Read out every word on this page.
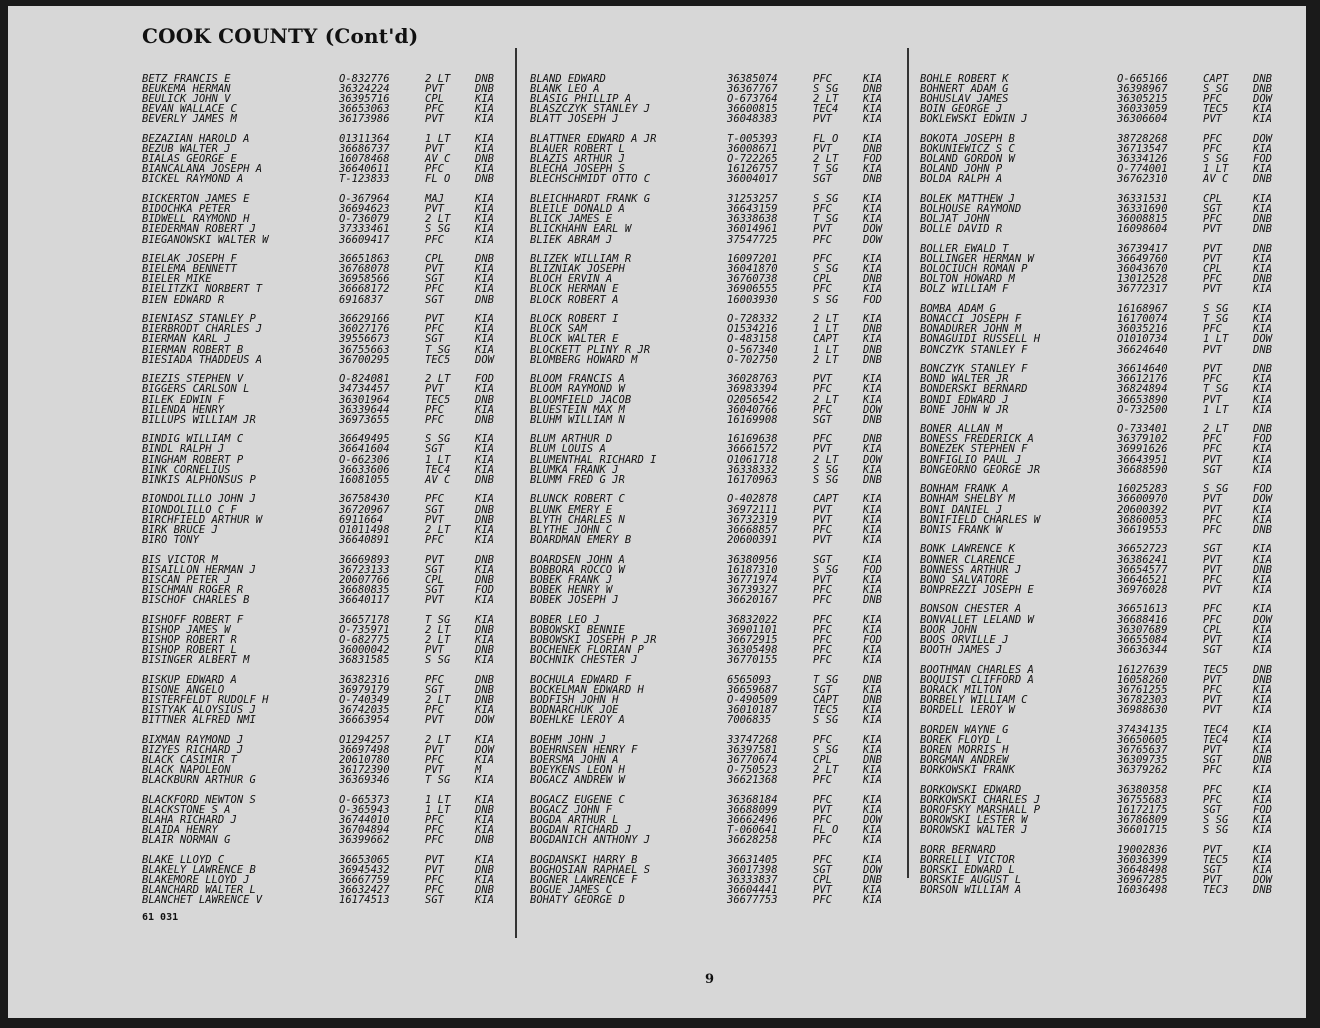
COOK COUNTY (Cont'd)
BETZ FRANCIS E	O-832776	2 LT DNB
BEUKEMA HERMAN	36324224	PVT	DNB
BEULICK JOHN V	36395716	CPL	KIA
BEVAN WALLACE C	36653063	PFC	KIA
BEVERLY JAMES M	36173986	PVT	KIA
BEZAZIAN HAROLD A	01311364	1 LT KIA
BEZUB WALTER J	36686737	PVT	KIA
BIALAS GEORGE E	16078468	AV C DNB
BIANCALANA JOSEPH A	36640611	PFC	KIA
BICKEL RAYMOND A	T-123833	FL O DNB
BICKERTON JAMES E	O-367964	MAJ	KIA
BIDOCHKA PETER	36694623	PVT	KIA
BIDWELL RAYMOND H	O-736079	2 LT KIA
BIEDERMAN ROBERT J	37333461	S SG KIA
BIEGANOWSKI WALTER W	36609417	PFC	KIA
BIELAK JOSEPH F	36651863	CPL	DNB
BIELEMA BENNETT	36768078	PVT	KIA
BIELER MIKE	36958566	SGT	KIA
BIELITZKI NORBERT T	36668172	PFC	KIA
BIEN EDWARD R	6916837	SGT	DNB
BIENIASZ STANLEY P	36629166	PVT	KIA
BIERBRODT CHARLES J	36027176	PFC	KIA
BIERMAN KARL J	39556673	SGT	KIA
BIERMAN ROBERT B	36755663	T SG KIA
BIESIADA THADDEUS A	36700295	TEC5 DOW
BIEZIS STEPHEN V	O-824081	2 LT FOD
BIGGERS CARLSON L	34734457	PVT	KIA
BILEK EDWIN F	36301964	TEC5 DNB
BILENDA HENRY	36339644	PFC	KIA
BILLUPS WILLIAM JR	36973655	PFC	DNB
BINDIG WILLIAM C	36649495	S SG KIA
BINDL RALPH J	36641604	SGT	KIA
BINGHAM ROBERT P	O-662306	1 LT KIA
BINK CORNELIUS	36633606	TEC4 KIA
BINKIS ALPHONSUS P	16081055	AV C DNB
BIONDOLILLO JOHN J	36758430	PFC	KIA
BIONDOLILLO C F	36720967	SGT	DNB
BIRCHFIELD ARTHUR W	6911664	PVT	DNB
BIRK BRUCE J	O1011498	2 LT KIA
BIRO TONY	36640891	PFC	KIA
BIS VICTOR M	36669893	PVT	DNB
BISAILLON HERMAN J	36723133	SGT	KIA
BISCAN PETER J	20607766	CPL	DNB
BISCHMAN ROGER R	36680835	SGT	FOD
BISCHOF CHARLES B	36640117	PVT	KIA
BISHOFF ROBERT F	36657178	T SG KIA
BISHOP JAMES W	O-735971	2 LT DNB
BISHOP ROBERT R	O-682775	2 LT KIA
BISHOP ROBERT L	36000042	PVT	DNB
BISINGER ALBERT M	36831585	S SG KIA
BISKUP EDWARD A	36382316	PFC	DNB
BISONE ANGELO	36979179	SGT	DNB
BISTERFELDT RUDOLF H	O-740349	2 LT DNB
BISTYAK ALOYSIUS J	36742035	PFC	KIA
BITTNER ALFRED NMI	36663954	PVT	DOW
BIXMAN RAYMOND J	O1294257	2 LT KIA
BIZYES RICHARD J	36697498	PVT	DOW
BLACK CASIMIR T	20610780	PFC	KIA
BLACK NAPOLEON	36172390	PVT	M
BLACKBURN ARTHUR G	36369346	T SG KIA
BLACKFORD NEWTON S	O-665373	1 LT KIA
BLACKSTONE S A	O-365943	1 LT DNB
BLAHA RICHARD J	36744010	PFC	KIA
BLAIDA HENRY	36704894	PFC	KIA
BLAIR NORMAN G	36399662	PFC	DNB
BLAKE LLOYD C	36653065	PVT	KIA
BLAKELY LAWRENCE B	36945432	PVT	DNB
BLAKEMORE LLOYD J	36667759	PFC	KIA
BLANCHARD WALTER L	36632427	PFC	DNB
BLANCHET LAWRENCE V	16174513	SGT	KIA
BLAND EDWARD	36385074	PFC	KIA
BLANK LEO A	36367767	S SG DNB
BLASIG PHILLIP A	O-673764	2 LT KIA
BLASZCZYK STANLEY J	36600815	TEC4 KIA
BLATT JOSEPH J	36048383	PVT	KIA
BLATTNER EDWARD A JR	T-005393	FL O KIA
BLAUER ROBERT L	36008671	PVT	DNB
BLAZIS ARTHUR J	O-722265	2 LT FOD
BLECHA JOSEPH S	16126757	T SG KIA
BLECHSCHMIDT OTTO C	36004017	SGT	DNB
BLEICHHARDT FRANK G	31253257	S SG KIA
BLEILE DONALD A	36643159	PFC	KIA
BLICK JAMES E	36338638	T SG KIA
BLICKHAHN EARL W	36014961	PVT	DOW
BLIEK ABRAM J	37547725	PFC	DOW
BLIZEK WILLIAM R	16097201	PFC	KIA
BLIZNIAK JOSEPH	36041870	S SG KIA
BLOCH ERVIN A	36760738	CPL	DNB
BLOCK HERMAN E	36906555	PFC	KIA
BLOCK ROBERT A	16003930	S SG FOD
BLOCK ROBERT I	O-728332	2 LT KIA
BLOCK SAM	O1534216	1 LT DNB
BLOCK WALTER E	O-483158	CAPT KIA
BLOCKETT PLINY R JR	O-567340	1 LT DNB
BLOMBERG HOWARD M	O-702750	2 LT DNB
BLOOM FRANCIS A	36028763	PVT	KIA
BLOOM RAYMOND W	36983394	PFC	KIA
BLOOMFIELD JACOB	O2056542	2 LT KIA
BLUESTEIN MAX M	36040766	PFC	DOW
BLUHM WILLIAM N	16169908	SGT	DNB
BLUM ARTHUR D	16169638	PFC	DNB
BLUM LOUIS A	36661572	PVT	KIA
BLUMENTHAL RICHARD I	O1061718	2 LT DOW
BLUMKA FRANK J	36338332	S SG KIA
BLUMM FRED G JR	16170963	S SG DNB
BLUNCK ROBERT C	O-402878	CAPT KIA
BLUNK EMERY E	36972111	PVT	KIA
BLYTH CHARLES N	36732319	PVT	KIA
BLYTHE JOHN C	36668857	PFC	KIA
BOARDMAN EMERY B	20600391	PVT	KIA
BOARDSEN JOHN A	36380956	SGT	KIA
BOBBORA ROCCO W	16187310	S SG FOD
BOBEK FRANK J	36771974	PVT	KIA
BOBEK HENRY W	36739327	PFC	KIA
BOBEK JOSEPH J	36620167	PFC	DNB
BOBER LEO J	36832022	PFC	KIA
BOBOWSKI BENNIE	36901101	PFC	KIA
BOBOWSKI JOSEPH P JR	36672915	PFC	FOD
BOCHENEK FLORIAN P	36305498	PFC	KIA
BOCHNIK CHESTER J	36770155	PFC	KIA
BOCHULA EDWARD F	6565093	T SG DNB
BOCKELMAN EDWARD H	36659687	SGT	KIA
BODFISH JOHN H	O-490509	CAPT DNB
BODNARCHUK JOE	36010187	TEC5 KIA
BOEHLKE LEROY A	7006835	S SG KIA
BOEHM JOHN J	33747268	PFC	KIA
BOEHRNSEN HENRY F	36397581	S SG KIA
BOERSMA JOHN A	36770674	CPL	DNB
BOEYKENS LEON H	O-750523	2 LT KIA
BOGACZ ANDREW W	36621368	PFC	KIA
BOGACZ EUGENE C	36368184	PFC	KIA
BOGACZ JOHN F	36688099	PVT	KIA
BOGDA ARTHUR L	36662496	PFC	DOW
BOGDAN RICHARD J	T-060641	FL O KIA
BOGDANICH ANTHONY J	36628258	PFC	KIA
BOGDANSKI HARRY B	36631405	PFC	KIA
BOGHOSIAN RAPHAEL S	36017398	SGT	DOW
BOGNER LAWRENCE F	36333837	CPL	DNB
BOGUE JAMES C	36604441	PVT	KIA
BOHATY GEORGE D	36677753	PFC	KIA
BOHLE ROBERT K	O-665166	CAPT DNB
BOHNERT ADAM G	36398967	S SG DNB
BOHUSLAV JAMES	36305215	PFC	DOW
BOIN GEORGE J	36033059	TEC5 KIA
BOKLEWSKI EDWIN J	36306604	PVT	KIA
BOKOTA JOSEPH B	38728268	PFC	DOW
BOKUNIEWICZ S C	36713547	PFC	KIA
BOLAND GORDON W	36334126	S SG FOD
BOLAND JOHN P	O-774001	1 LT KIA
BOLDA RALPH A	36762310	AV C DNB
BOLEK MATTHEW J	36331531	CPL	KIA
BOLHOUSE RAYMOND	36331690	SGT	KIA
BOLJAT JOHN	36008815	PFC	DNB
BOLLE DAVID R	16098604	PVT	DNB
BOLLER EWALD T	36739417	PVT	DNB
BOLLINGER HERMAN W	36649760	PVT	KIA
BOLOCIUCH ROMAN P	36043670	CPL	KIA
BOLTON HOWARD M	13012528	PFC	DNB
BOLZ WILLIAM F	36772317	PVT	KIA
BOMBA ADAM G	16168967	S SG KIA
BONACCI JOSEPH F	16170074	T SG KIA
BONADURER JOHN M	36035216	PFC	KIA
BONAGUIDI RUSSELL H	O1010734	1 LT DOW
BONCZYK STANLEY F	36624640	PVT	DNB
BONCZYK STANLEY F	36614640	PVT	DNB
BOND WALTER JR	36612176	PFC	KIA
BONDERSKI BERNARD	36824894	T SG KIA
BONDI EDWARD J	36653890	PVT	KIA
BONE JOHN W JR	O-732500	1 LT KIA
BONER ALLAN M	O-733401	2 LT DNB
BONESS FREDERICK A	36379102	PFC	FOD
BONEZEK STEPHEN F	36991626	PFC	KIA
BONFIGLIO PAUL J	36643951	PVT	KIA
BONGEORNO GEORGE JR	36688590	SGT	KIA
BONHAM FRANK A	16025283	S SG FOD
BONHAM SHELBY M	36600970	PVT	DOW
BONI DANIEL J	20600392	PVT	KIA
BONIFIELD CHARLES W	36860053	PFC	KIA
BONIS FRANK W	36619553	PFC	DNB
BONK LAWRENCE K	36652723	SGT	KIA
BONNER CLARENCE	36386241	PVT	KIA
BONNESS ARTHUR J	36654577	PVT	DNB
BONO SALVATORE	36646521	PFC	KIA
BONPREZZI JOSEPH E	36976028	PVT	KIA
BONSON CHESTER A	36651613	PFC	KIA
BONVALLET LELAND W	36688416	PFC	DOW
BOOR JOHN	36307689	CPL	KIA
BOOS ORVILLE J	36655084	PVT	KIA
BOOTH JAMES J	36636344	SGT	KIA
BOOTHMAN CHARLES A	16127639	TEC5 DNB
BOQUIST CLIFFORD A	16058260	PVT	DNB
BORACK MILTON	36761255	PFC	KIA
BORBELY WILLIAM C	36782303	PVT	KIA
BORDELL LEROY W	36988630	PVT	KIA
BORDEN WAYNE G	37434135	TEC4 KIA
BOREK FLOYD L	36650605	TEC4 KIA
BOREN MORRIS H	36765637	PVT	KIA
BORGMAN ANDREW	36309735	SGT	DNB
BORKOWSKI FRANK	36379262	PFC	KIA
BORKOWSKI EDWARD	36380358	PFC	KIA
BORKOWSKI CHARLES J	36755683	PFC	KIA
BOROFSKY MARSHALL P	16172175	SGT	FOD
BOROWSKI LESTER W	36786809	S SG KIA
BOROWSKI WALTER J	36601715	S SG KIA
BORR BERNARD	19002836	PVT	KIA
BORRELLI VICTOR	36036399	TEC5 KIA
BORSKI EDWARD L	36648498	SGT	KIA
BORSKIE AUGUST L	36967285	PVT	DOW
BORSON WILLIAM A	16036498	TEC3 DNB
61 031
9
